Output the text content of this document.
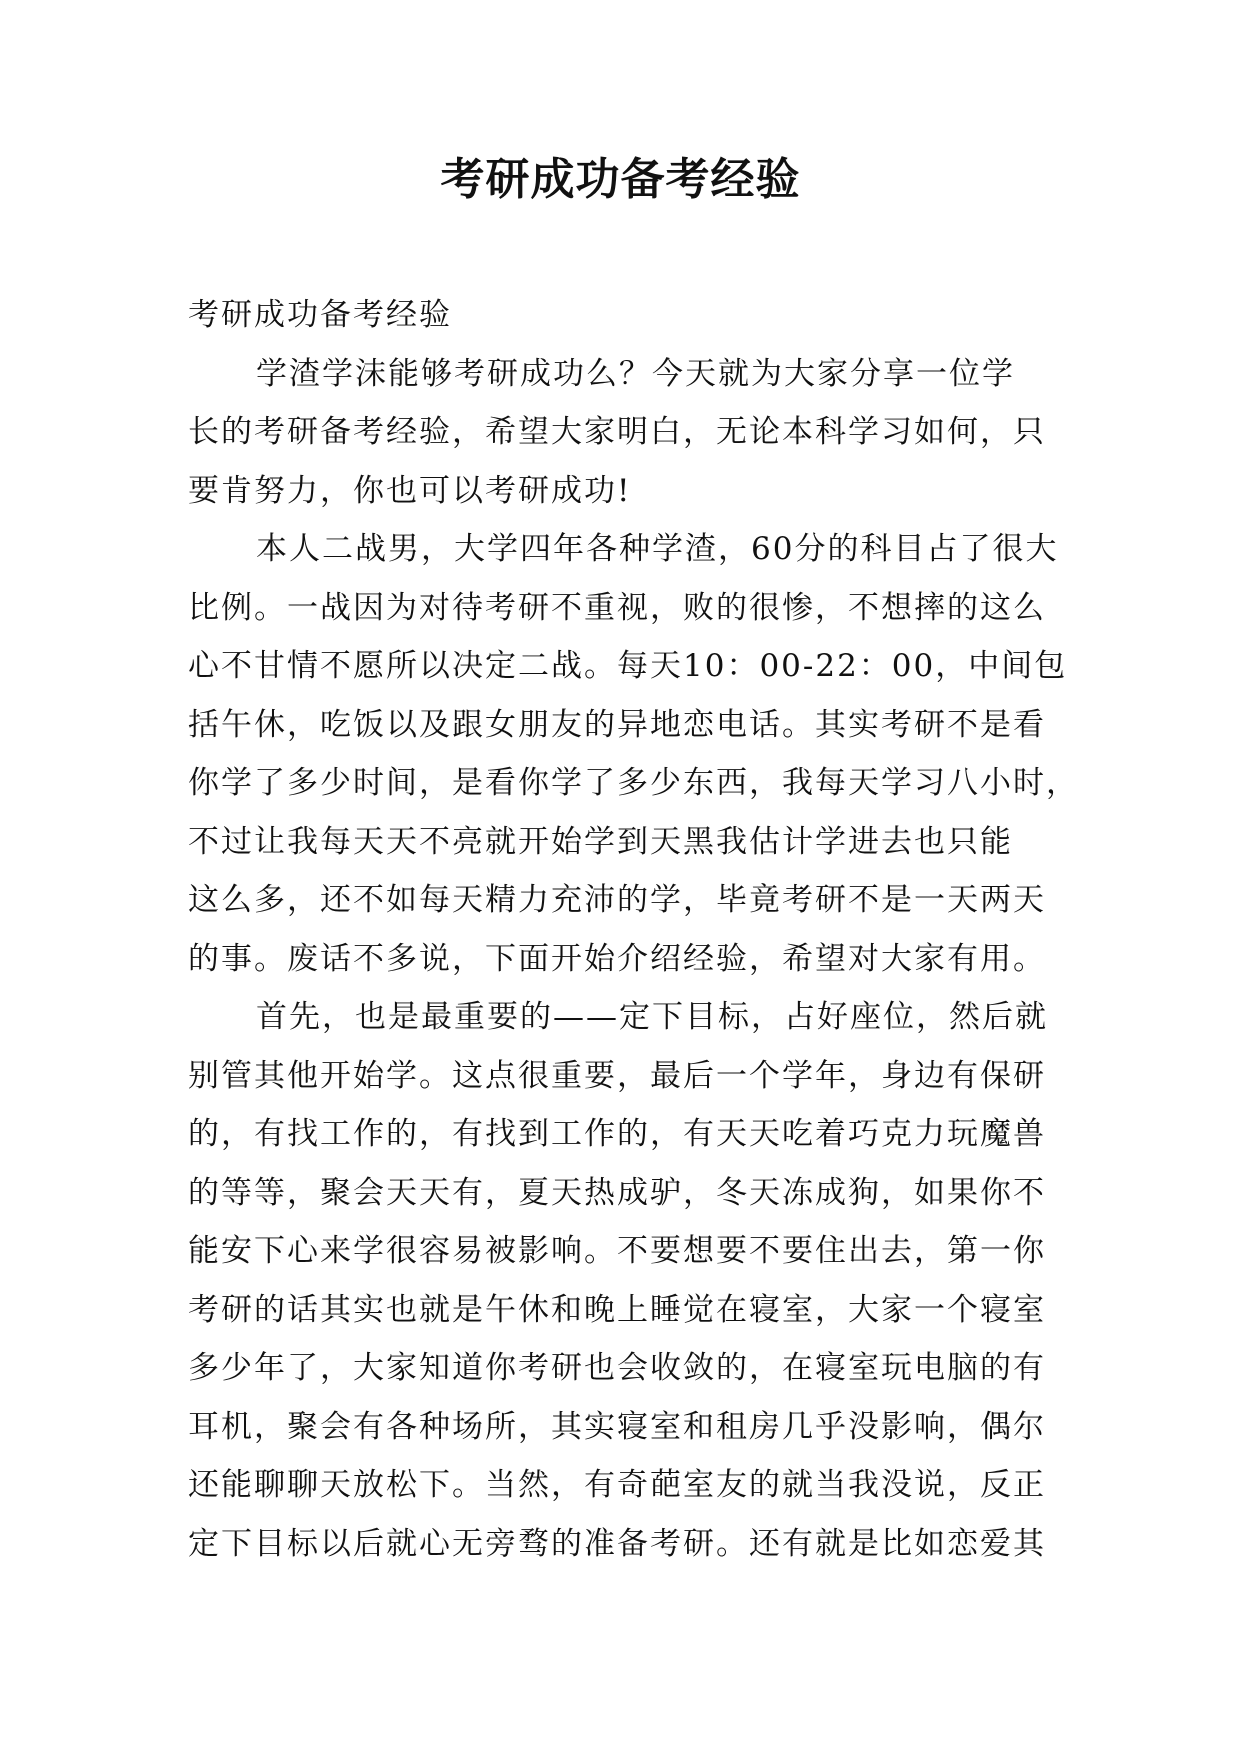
考研成功备考经验
考研成功备考经验
学渣学沫能够考研成功么？今天就为大家分享一位学
长的考研备考经验，希望大家明白，无论本科学习如何，只
要肯努力，你也可以考研成功!
本人二战男，大学四年各种学渣，60分的科目占了很大
比例。一战因为对待考研不重视，败的很惨，不想摔的这么
心不甘情不愿所以决定二战。每天10：00-22：00，中间包
括午休，吃饭以及跟女朋友的异地恋电话。其实考研不是看
你学了多少时间，是看你学了多少东西，我每天学习八小时，
不过让我每天天不亮就开始学到天黑我估计学进去也只能
这么多，还不如每天精力充沛的学，毕竟考研不是一天两天
的事。废话不多说，下面开始介绍经验，希望对大家有用。
首先，也是最重要的——定下目标，占好座位，然后就
别管其他开始学。这点很重要，最后一个学年，身边有保研
的，有找工作的，有找到工作的，有天天吃着巧克力玩魔兽
的等等，聚会天天有，夏天热成驴，冬天冻成狗，如果你不
能安下心来学很容易被影响。不要想要不要住出去，第一你
考研的话其实也就是午休和晚上睡觉在寝室，大家一个寝室
多少年了，大家知道你考研也会收敛的，在寝室玩电脑的有
耳机，聚会有各种场所，其实寝室和租房几乎没影响，偶尔
还能聊聊天放松下。当然，有奇葩室友的就当我没说，反正
定下目标以后就心无旁骛的准备考研。还有就是比如恋爱其
